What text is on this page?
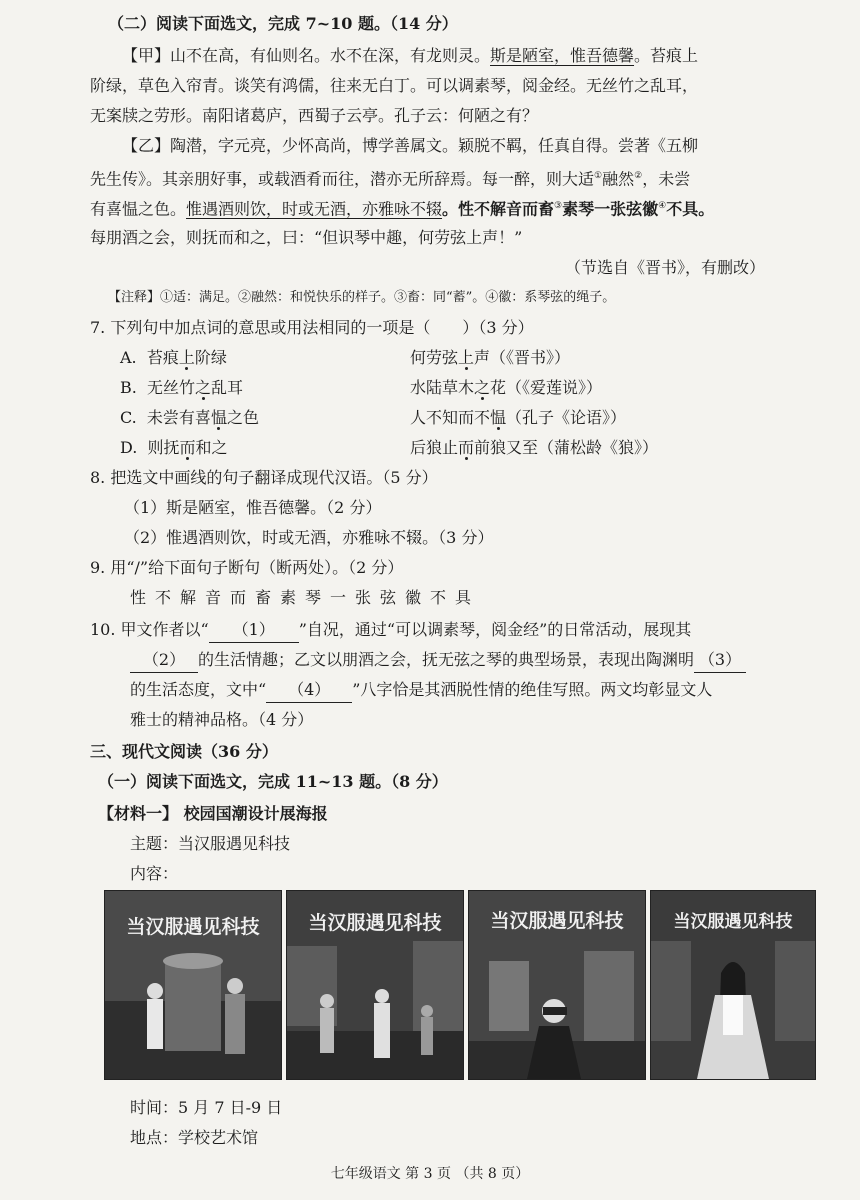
（二）阅读下面选文，完成 7~10 题。（14 分）
【甲】山不在高，有仙则名。水不在深，有龙则灵。斯是陋室，惟吾德馨。苔痕上
阶绿，草色入帘青。谈笑有鸿儒，往来无白丁。可以调素琴，阅金经。无丝竹之乱耳，
无案牍之劳形。南阳诸葛庐，西蜀子云亭。孔子云：何陋之有？
【乙】陶潜，字元亮，少怀高尚，博学善属文。颖脱不羁，任真自得。尝著《五柳
先生传》。其亲朋好事，或载酒肴而往，潜亦无所辞焉。每一醉，则大适①融然②，未尝
有喜愠之色。惟遇酒则饮，时或无酒，亦雅咏不辍。性不解音而畜③素琴一张弦徽④不具。
每朋酒之会，则抚而和之，曰：“但识琴中趣，何劳弦上声！”
（节选自《晋书》，有删改）
【注释】①适：满足。②融然：和悦快乐的样子。③畜：同“蓄”。④徽：系琴弦的绳子。
7. 下列句中加点词的意思或用法相同的一项是（　　）（3 分）
A.  苔痕上阶绿	何劳弦上声（《晋书》）
B.  无丝竹之乱耳	水陆草木之花（《爱莲说》）
C.  未尝有喜愠之色	人不知而不愠（孔子《论语》）
D.  则抚而和之	后狼止而前狼又至（蒲松龄《狼》）
8. 把选文中画线的句子翻译成现代汉语。（5 分）
（1）斯是陋室，惟吾德馨。（2 分）
（2）惟遇酒则饮，时或无酒，亦雅咏不辍。（3 分）
9. 用“/”给下面句子断句（断两处）。（2 分）
性不解音而畜素琴一张弦徽不具
10. 甲文作者以“ （1） ”自况，通过“可以调素琴，阅金经”的日常活动，展现其
（2） 的生活情趣；乙文以朋酒之会，抚无弦之琴的典型场景，表现出陶渊明 （3）
的生活态度，文中“ （4） ”八字恰是其洒脱性情的绝佳写照。两文均彰显文人
雅士的精神品格。（4 分）
三、现代文阅读（36 分）
（一）阅读下面选文，完成 11~13 题。（8 分）
【材料一】 校园国潮设计展海报
主题：当汉服遇见科技
内容：
当汉服遇见科技	当汉服遇见科技	当汉服遇见科技	当汉服遇见科技
时间：5 月 7 日-9 日
地点：学校艺术馆
七年级语文 第 3 页 （共 8 页）
